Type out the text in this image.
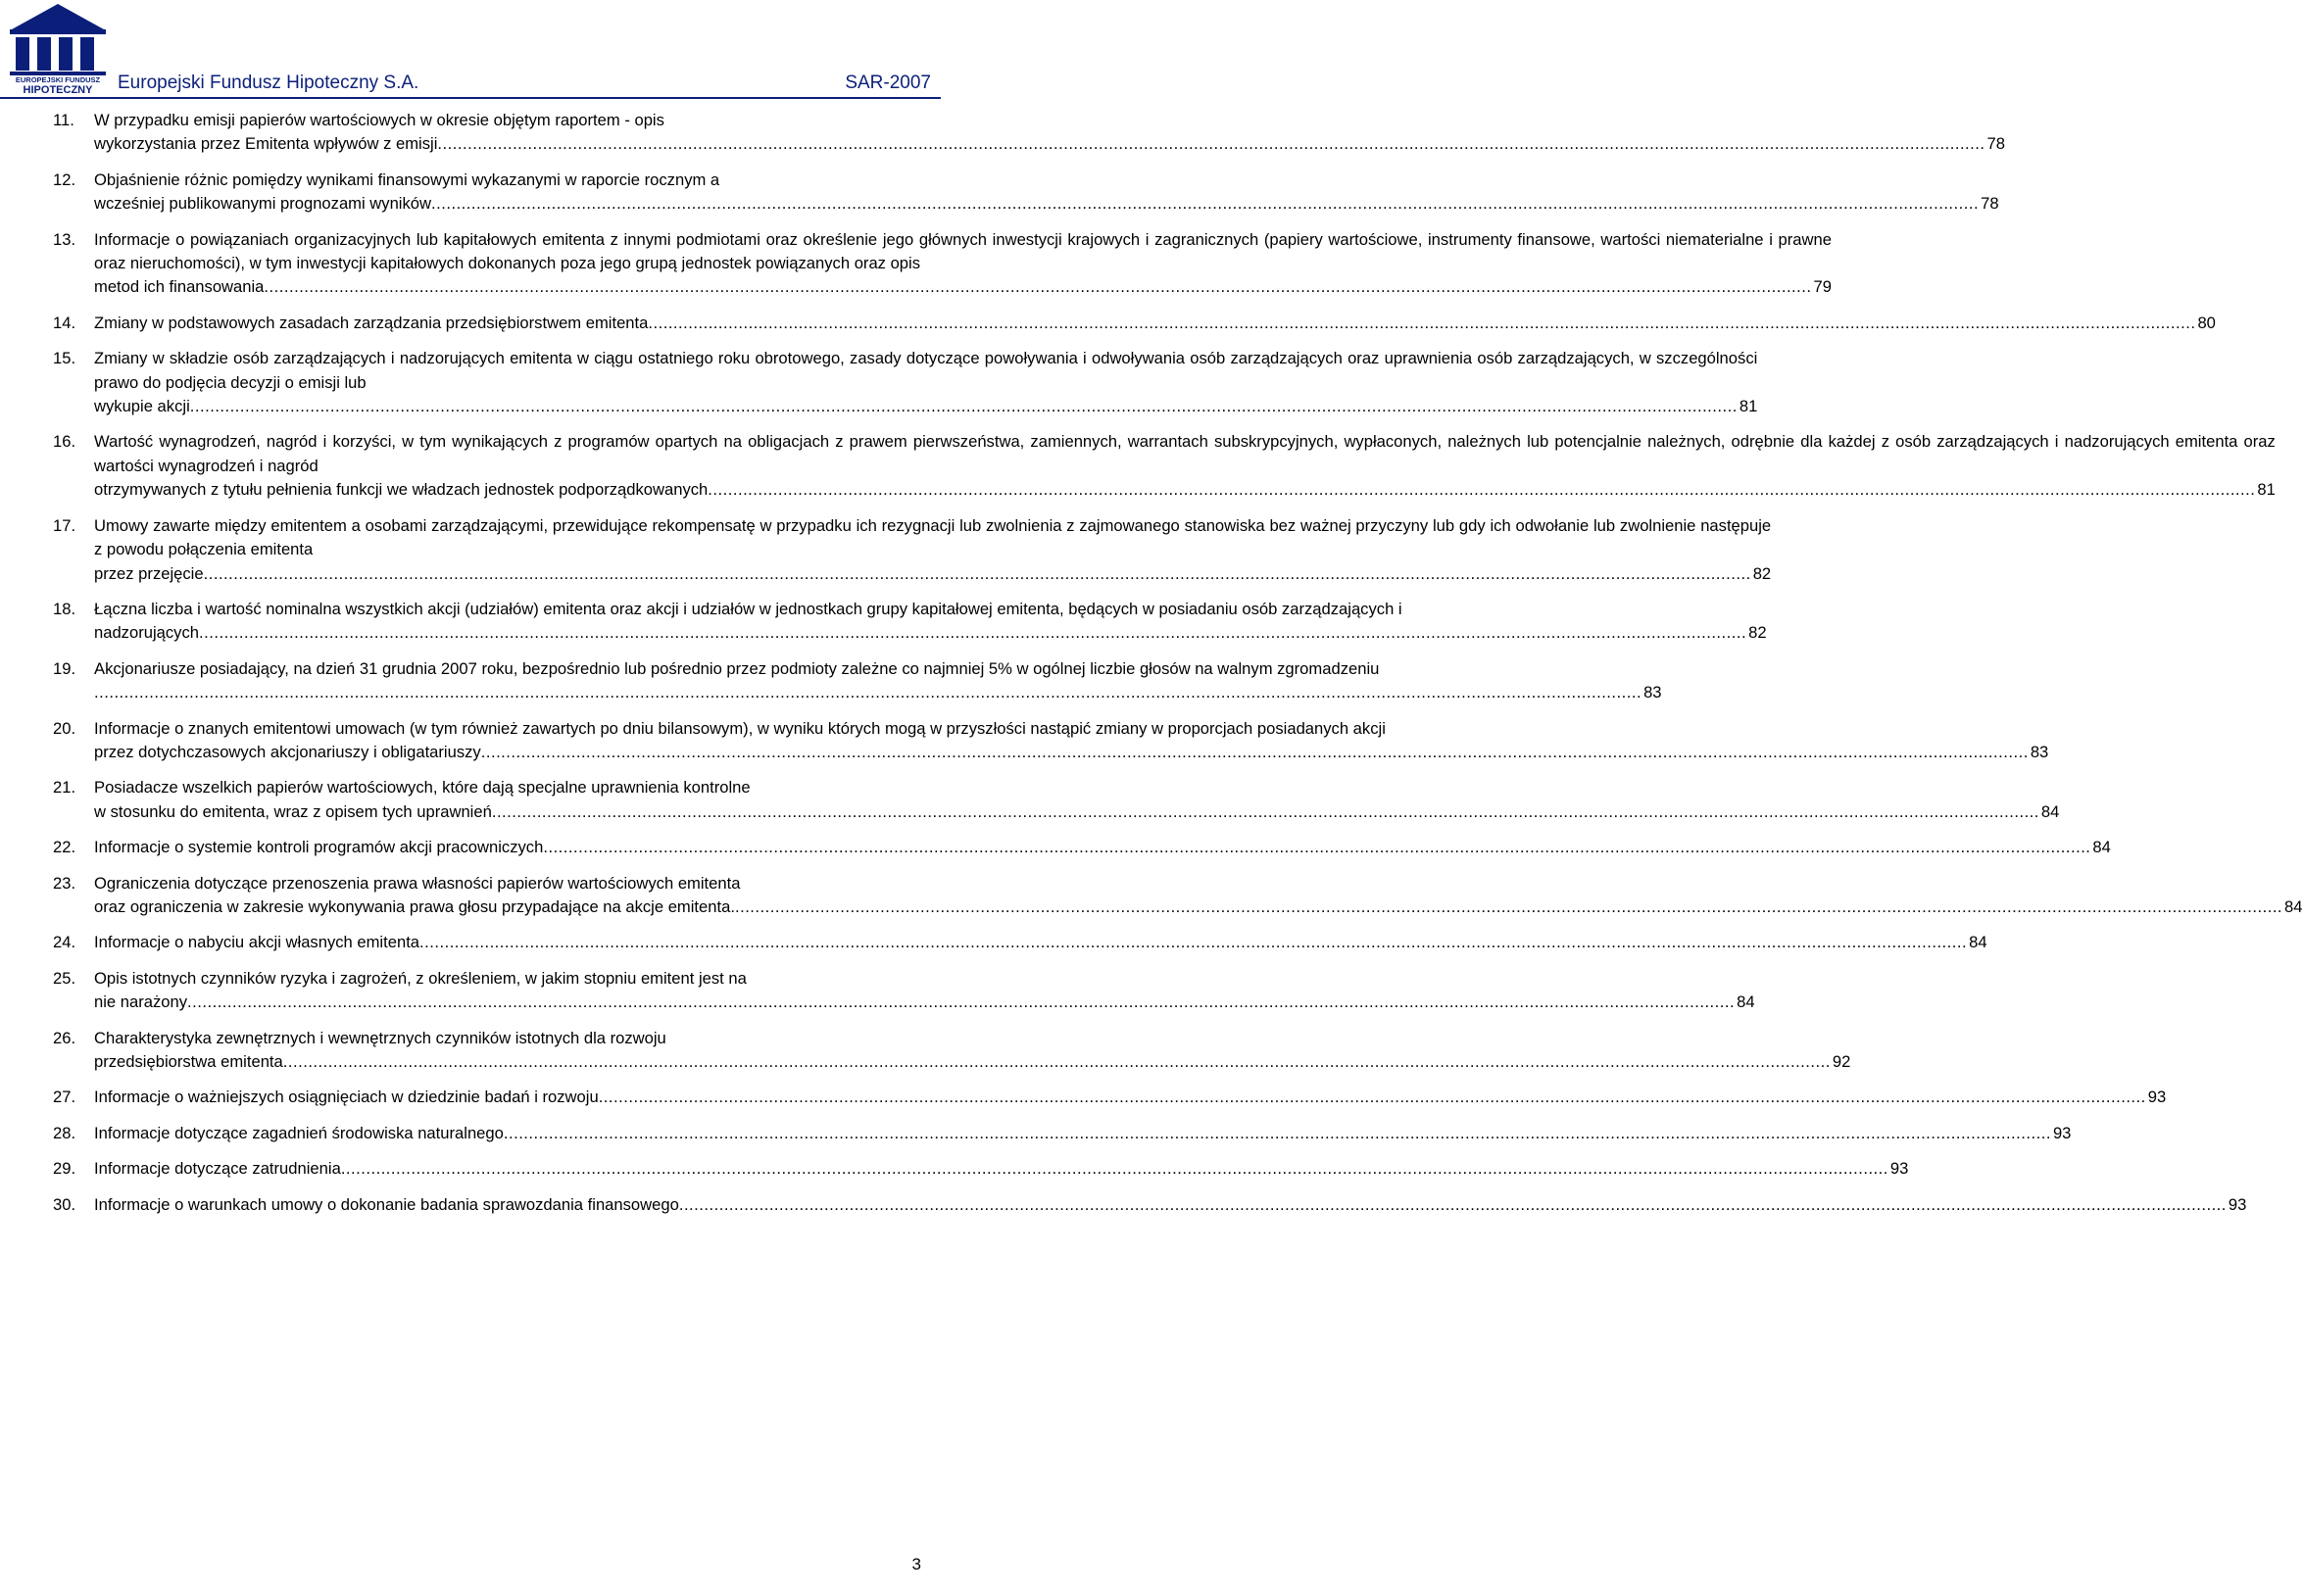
EUROPEJSKI FUNDUSZ
HIPOTECZNY Europejski Fundusz Hipoteczny S.A.	SAR-2007
11.	W przypadku emisji papierów wartościowych w okresie objętym raportem - opis
wykorzystania przez Emitenta wpływów z emisji .....	78
12.	Objaśnienie różnic pomiędzy wynikami finansowymi wykazanymi w raporcie rocznym a
wcześniej publikowanymi prognozami wyników .....	78
13.	Informacje o powiązaniach organizacyjnych lub kapitałowych emitenta z innymi podmiotami oraz określenie jego głównych inwestycji krajowych i zagranicznych (papiery wartościowe, instrumenty finansowe, wartości niematerialne i prawne oraz nieruchomości), w tym inwestycji kapitałowych dokonanych poza jego grupą jednostek powiązanych oraz opis
metod ich finansowania .....	79
14.	Zmiany w podstawowych zasadach zarządzania przedsiębiorstwem emitenta .....	80
15.	Zmiany w składzie osób zarządzających i nadzorujących emitenta w ciągu ostatniego roku obrotowego, zasady dotyczące powoływania i odwoływania osób zarządzających oraz uprawnienia osób zarządzających, w szczególności prawo do podjęcia decyzji o emisji lub
wykupie akcji .....	81
16.	Wartość wynagrodzeń, nagród i korzyści, w tym wynikających z programów opartych na obligacjach z prawem pierwszeństwa, zamiennych, warrantach subskrypcyjnych, wypłaconych, należnych lub potencjalnie należnych, odrębnie dla każdej z osób zarządzających i nadzorujących emitenta oraz wartości wynagrodzeń i nagród
otrzymywanych z tytułu pełnienia funkcji we władzach jednostek podporządkowanych .....	81
17.	Umowy zawarte między emitentem a osobami zarządzającymi, przewidujące rekompensatę w przypadku ich rezygnacji lub zwolnienia z zajmowanego stanowiska bez ważnej przyczyny lub gdy ich odwołanie lub zwolnienie następuje z powodu połączenia emitenta
przez przejęcie .....	82
18.	Łączna liczba i wartość nominalna wszystkich akcji (udziałów) emitenta oraz akcji i udziałów w jednostkach grupy kapitałowej emitenta, będących w posiadaniu osób zarządzających i
nadzorujących .....	82
19.	Akcjonariusze posiadający, na dzień 31 grudnia 2007 roku, bezpośrednio lub pośrednio przez podmioty zależne co najmniej 5% w ogólnej liczbie głosów na walnym zgromadzeniu
.....
83
20.	Informacje o znanych emitentowi umowach (w tym również zawartych po dniu bilansowym), w wyniku których mogą w przyszłości nastąpić zmiany w proporcjach posiadanych akcji
przez dotychczasowych akcjonariuszy i obligatariuszy .....	83
21.	Posiadacze wszelkich papierów wartościowych, które dają specjalne uprawnienia kontrolne
w stosunku do emitenta, wraz z opisem tych uprawnień .....	84
22.	Informacje o systemie kontroli programów akcji pracowniczych .....	84
23.	Ograniczenia dotyczące przenoszenia prawa własności papierów wartościowych emitenta
oraz ograniczenia w zakresie wykonywania prawa głosu przypadające na akcje emitenta. .....	84
24.	Informacje o nabyciu akcji własnych emitenta .....	84
25.	Opis istotnych czynników ryzyka i zagrożeń, z określeniem, w jakim stopniu emitent jest na
nie narażony .....	84
26.	Charakterystyka zewnętrznych i wewnętrznych czynników istotnych dla rozwoju
przedsiębiorstwa emitenta .....	92
27.	Informacje o ważniejszych osiągnięciach w dziedzinie badań i rozwoju .....	93
28.	Informacje dotyczące zagadnień środowiska naturalnego .....	93
29.	Informacje dotyczące zatrudnienia .....	93
30.	Informacje o warunkach umowy o dokonanie badania sprawozdania finansowego .....	93
3
